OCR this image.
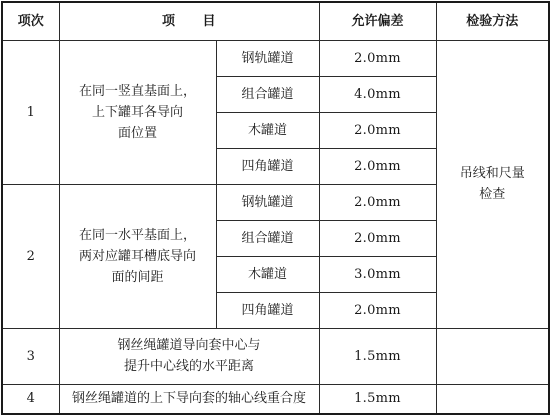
项次	项　　目		允许偏差	检验方法
1	在同一竖直基面上，
上下罐耳各导向
面位置	钢轨罐道	2.0mm	吊线和尺量
检查

		组合罐道	4.0mm	
		木罐道	2.0mm	
		四角罐道	2.0mm	
2	在同一水平基面上，
两对应罐耳槽底导向
面的间距	钢轨罐道	2.0mm	
		组合罐道	2.0mm	
		木罐道	3.0mm	
		四角罐道	2.0mm	
3	钢丝绳罐道导向套中心与
提升中心线的水平距离		1.5mm	
4	钢丝绳罐道的上下导向套的轴心线重合度		1.5mm	
